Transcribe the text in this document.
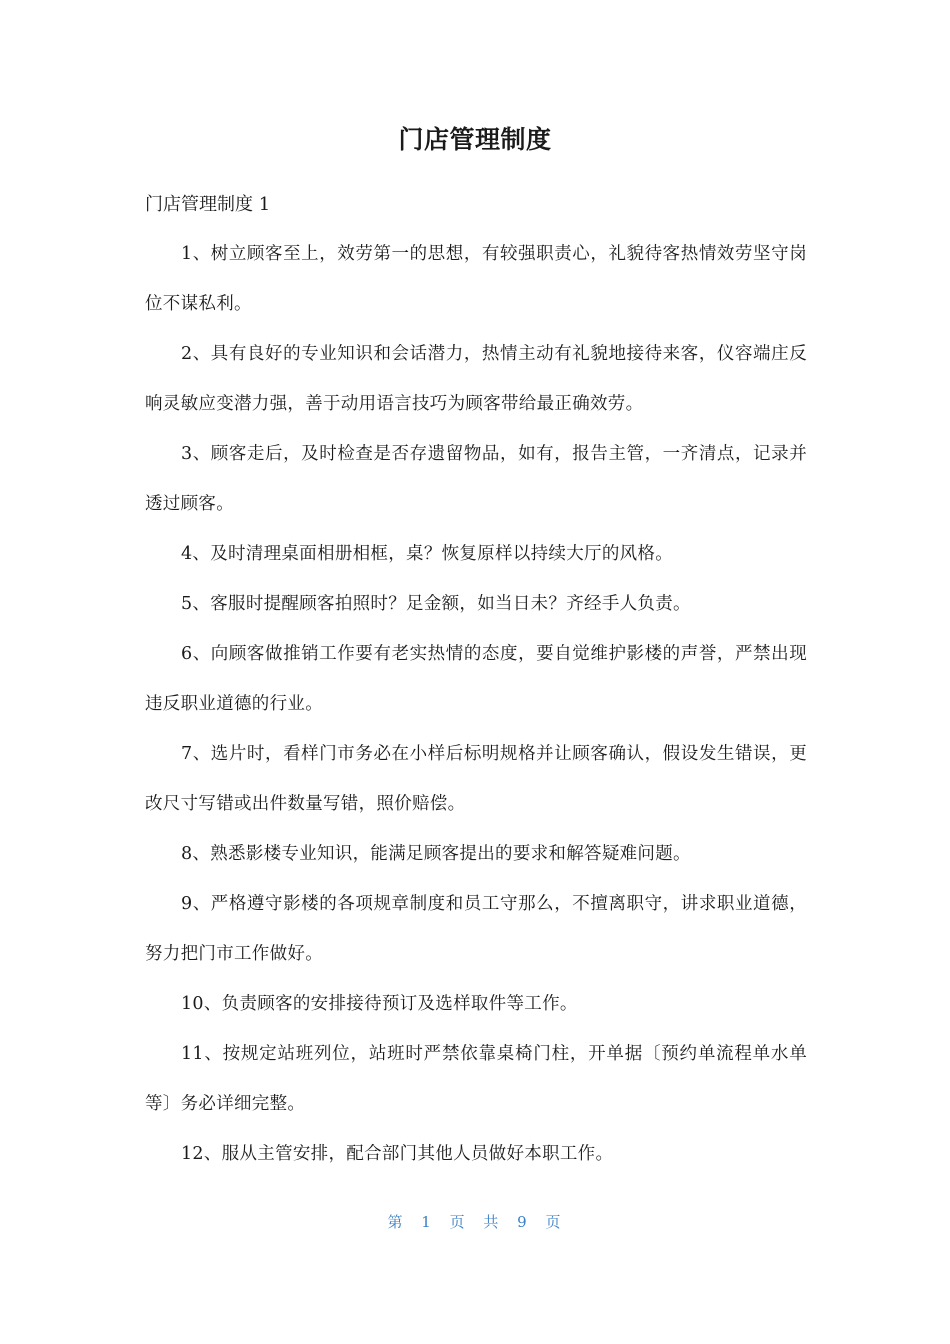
门店管理制度
门店管理制度 1

1、树立顾客至上，效劳第一的思想，有较强职责心，礼貌待客热情效劳坚守岗位不谋私利。

2、具有良好的专业知识和会话潜力，热情主动有礼貌地接待来客，仪容端庄反响灵敏应变潜力强，善于动用语言技巧为顾客带给最正确效劳。

3、顾客走后，及时检查是否存遗留物品，如有，报告主管，一齐清点，记录并透过顾客。

4、及时清理桌面相册相框，桌？恢复原样以持续大厅的风格。

5、客服时提醒顾客拍照时？足金额，如当日未？齐经手人负责。

6、向顾客做推销工作要有老实热情的态度，要自觉维护影楼的声誉，严禁出现违反职业道德的行业。

7、选片时，看样门市务必在小样后标明规格并让顾客确认，假设发生错误，更改尺寸写错或出件数量写错，照价赔偿。

8、熟悉影楼专业知识，能满足顾客提出的要求和解答疑难问题。

9、严格遵守影楼的各项规章制度和员工守那么，不擅离职守，讲求职业道德，努力把门市工作做好。

10、负责顾客的安排接待预订及选样取件等工作。

11、按规定站班列位，站班时严禁依靠桌椅门柱，开单据〔预约单流程单水单等〕务必详细完整。

12、服从主管安排，配合部门其他人员做好本职工作。

第 1 页 共 9 页
